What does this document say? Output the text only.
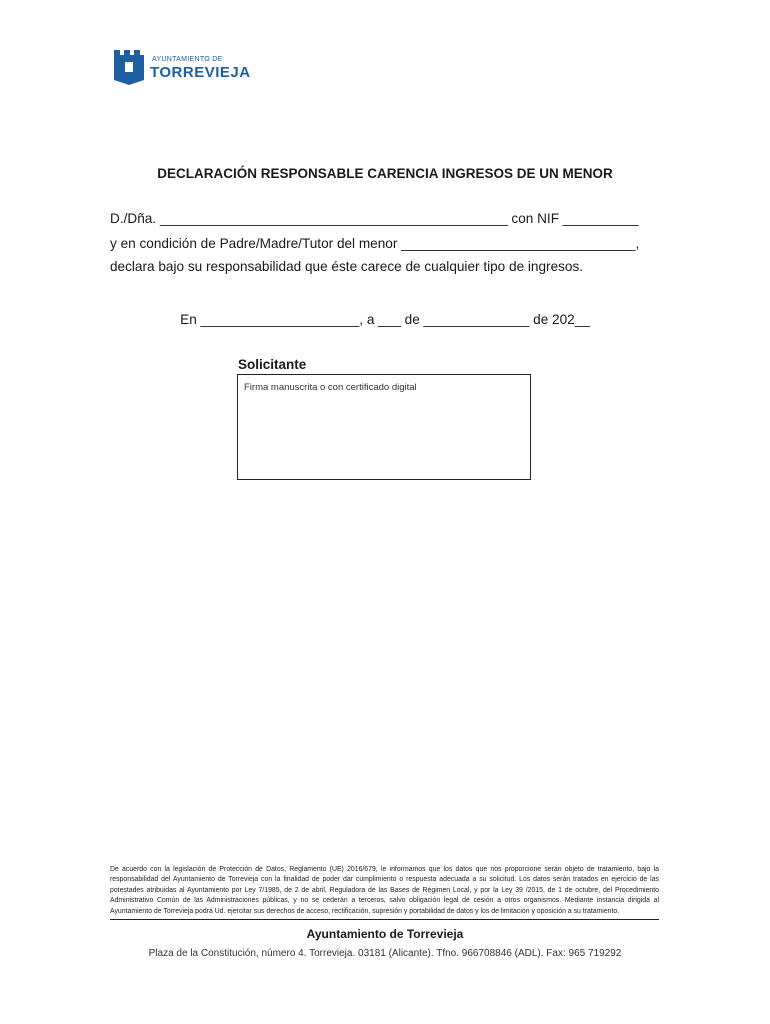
AYUNTAMIENTO DE
TORREVIEJA
DECLARACIÓN RESPONSABLE CARENCIA INGRESOS DE UN MENOR
D./Dña. ______________________________________________ con NIF __________
y en condición de Padre/Madre/Tutor del menor _______________________________,
declara bajo su responsabilidad que éste carece de cualquier tipo de ingresos.
En _____________________, a ___ de ______________ de 202__
Solicitante
Firma manuscrita o con certificado digital
De acuerdo con la legislación de Protección de Datos, Reglamento (UE) 2016/679, le informamos que los datos que nos proporcione serán objeto de tratamiento, bajo la responsabilidad del Ayuntamiento de Torrevieja con la finalidad de poder dar cumplimiento o respuesta adecuada a su solicitud. Los datos serán tratados en ejercicio de las potestades atribuidas al Ayuntamiento por Ley 7/1985, de 2 de abril, Reguladora de las Bases de Régimen Local, y por la Ley 39 /2015, de 1 de octubre, del Procedimiento Administrativo Común de las Administraciones públicas, y no se cederán a terceros, salvo obligación legal de cesión a otros organismos. Mediante instancia dirigida al Ayuntamiento de Torrevieja podrá Ud. ejercitar sus derechos de acceso, rectificación, supresión y portabilidad de datos y los de limitación y oposición a su tratamiento.
Ayuntamiento de Torrevieja
Plaza de la Constitución, número 4. Torrevieja. 03181 (Alicante). Tfno. 966708846 (ADL). Fax: 965 719292
